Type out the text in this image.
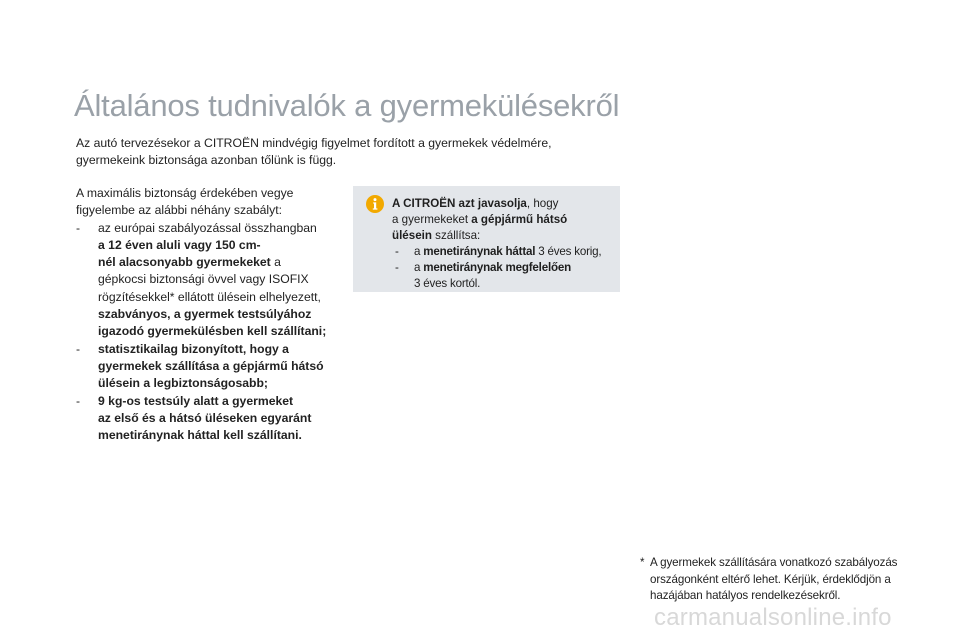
Általános tudnivalók a gyermekülésekről
Az autó tervezésekor a CITROËN mindvégig figyelmet fordított a gyermekek védelmére,
gyermekeink biztonsága azonban tőlünk is függ.
A maximális biztonság érdekében vegye
figyelembe az alábbi néhány szabályt:
- az európai szabályozással összhangban
a 12 éven aluli vagy 150 cm-
nél alacsonyabb gyermekeket a
gépkocsi biztonsági övvel vagy ISOFIX
rögzítésekkel* ellátott ülésein elhelyezett,
szabványos, a gyermek testsúlyához
igazodó gyermekülésben kell szállítani;
- statisztikailag bizonyított, hogy a
gyermekek szállítása a gépjármű hátsó
ülésein a legbiztonságosabb;
- 9 kg-os testsúly alatt a gyermeket
az első és a hátsó üléseken egyaránt
menetiránynak háttal kell szállítani.
A CITROËN azt javasolja, hogy
a gyermekeket a gépjármű hátsó
ülésein szállítsa:
- a menetiránynak háttal 3 éves korig,
- a menetiránynak megfelelően
3 éves kortól.
* A gyermekek szállítására vonatkozó szabályozás
országonként eltérő lehet. Kérjük, érdeklődjön a
hazájában hatályos rendelkezésekről.
carmanualsonline.info
